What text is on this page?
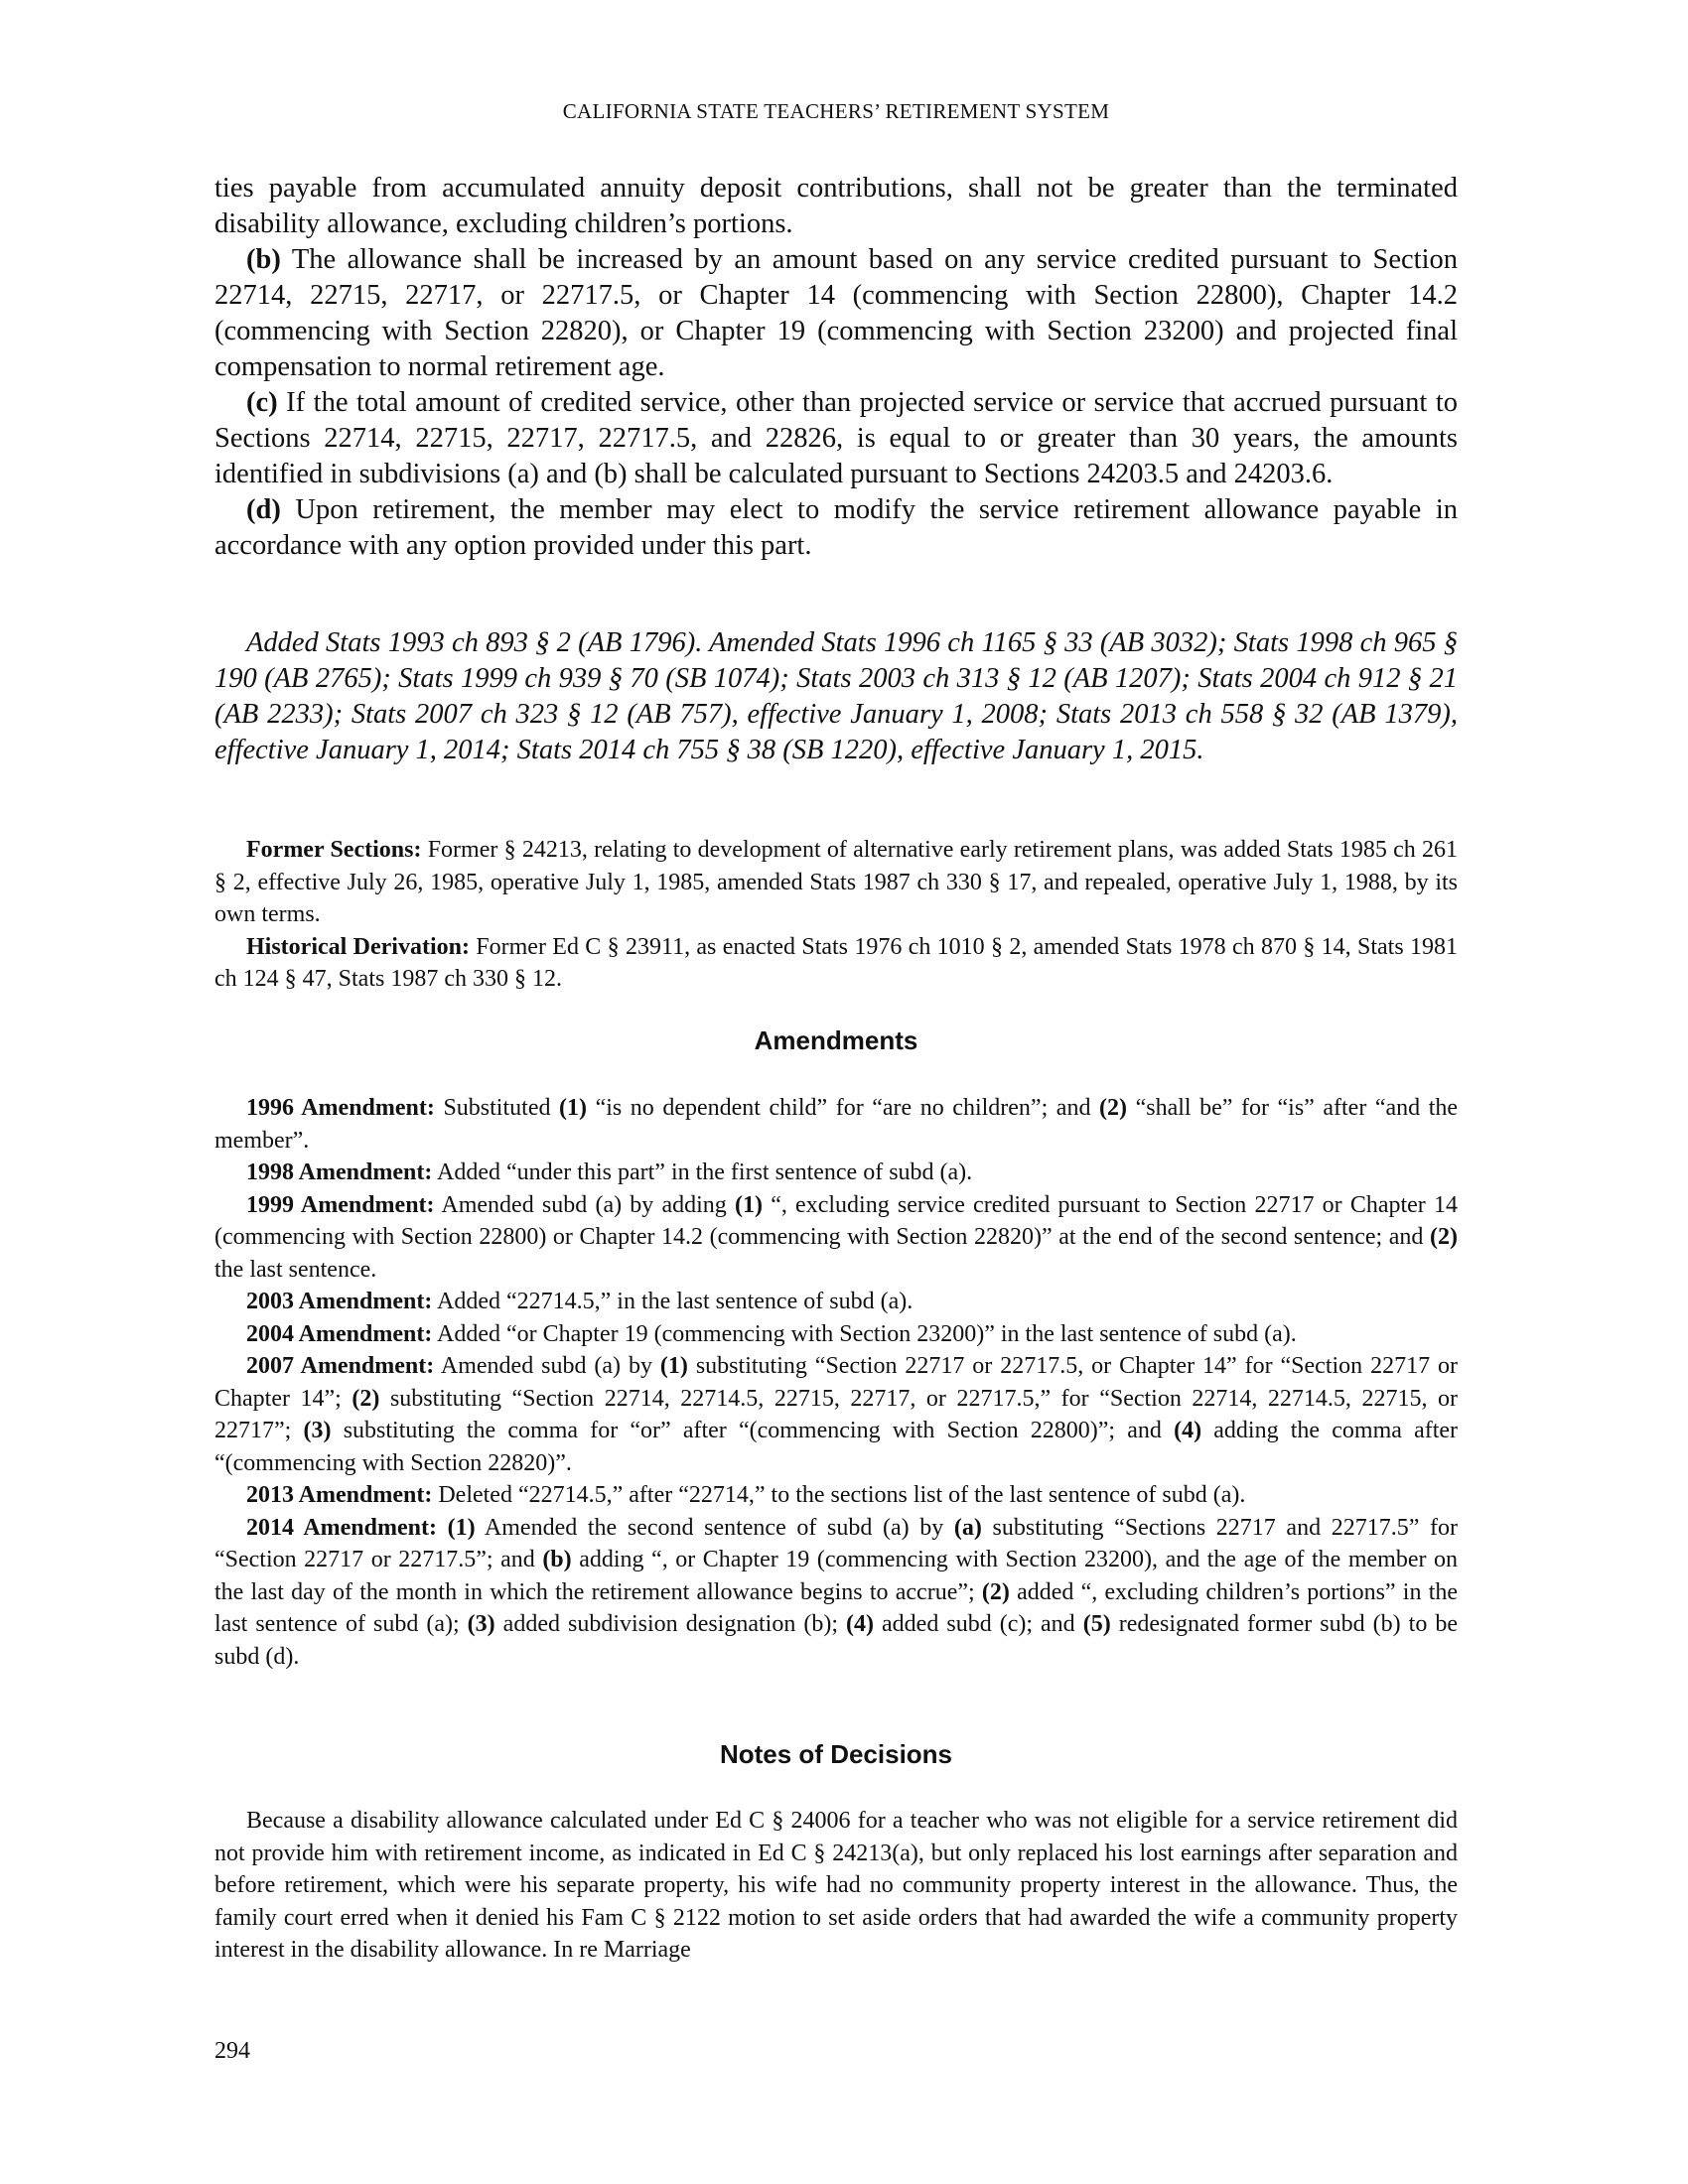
CALIFORNIA STATE TEACHERS’ RETIREMENT SYSTEM

ties payable from accumulated annuity deposit contributions, shall not be greater than the terminated disability allowance, excluding children’s portions.

(b) The allowance shall be increased by an amount based on any service credited pursuant to Section 22714, 22715, 22717, or 22717.5, or Chapter 14 (commencing with Section 22800), Chapter 14.2 (commencing with Section 22820), or Chapter 19 (commencing with Section 23200) and projected final compensation to normal retirement age.

(c) If the total amount of credited service, other than projected service or service that accrued pursuant to Sections 22714, 22715, 22717, 22717.5, and 22826, is equal to or greater than 30 years, the amounts identified in subdivisions (a) and (b) shall be calculated pursuant to Sections 24203.5 and 24203.6.

(d) Upon retirement, the member may elect to modify the service retirement allowance payable in accordance with any option provided under this part.

Added Stats 1993 ch 893 § 2 (AB 1796). Amended Stats 1996 ch 1165 § 33 (AB 3032); Stats 1998 ch 965 § 190 (AB 2765); Stats 1999 ch 939 § 70 (SB 1074); Stats 2003 ch 313 § 12 (AB 1207); Stats 2004 ch 912 § 21 (AB 2233); Stats 2007 ch 323 § 12 (AB 757), effective January 1, 2008; Stats 2013 ch 558 § 32 (AB 1379), effective January 1, 2014; Stats 2014 ch 755 § 38 (SB 1220), effective January 1, 2015.

Former Sections: Former § 24213, relating to development of alternative early retirement plans, was added Stats 1985 ch 261 § 2, effective July 26, 1985, operative July 1, 1985, amended Stats 1987 ch 330 § 17, and repealed, operative July 1, 1988, by its own terms.

Historical Derivation: Former Ed C § 23911, as enacted Stats 1976 ch 1010 § 2, amended Stats 1978 ch 870 § 14, Stats 1981 ch 124 § 47, Stats 1987 ch 330 § 12.

Amendments

1996 Amendment: Substituted (1) “is no dependent child” for “are no children”; and (2) “shall be” for “is” after “and the member”.

1998 Amendment: Added “under this part” in the first sentence of subd (a).

1999 Amendment: Amended subd (a) by adding (1) “, excluding service credited pursuant to Section 22717 or Chapter 14 (commencing with Section 22800) or Chapter 14.2 (commencing with Section 22820)” at the end of the second sentence; and (2) the last sentence.

2003 Amendment: Added “22714.5,” in the last sentence of subd (a).

2004 Amendment: Added “or Chapter 19 (commencing with Section 23200)” in the last sentence of subd (a).

2007 Amendment: Amended subd (a) by (1) substituting “Section 22717 or 22717.5, or Chapter 14” for “Section 22717 or Chapter 14”; (2) substituting “Section 22714, 22714.5, 22715, 22717, or 22717.5,” for “Section 22714, 22714.5, 22715, or 22717”; (3) substituting the comma for “or” after “(commencing with Section 22800)”; and (4) adding the comma after “(commencing with Section 22820)”.

2013 Amendment: Deleted “22714.5,” after “22714,” to the sections list of the last sentence of subd (a).

2014 Amendment: (1) Amended the second sentence of subd (a) by (a) substituting “Sections 22717 and 22717.5” for “Section 22717 or 22717.5”; and (b) adding “, or Chapter 19 (commencing with Section 23200), and the age of the member on the last day of the month in which the retirement allowance begins to accrue”; (2) added “, excluding children’s portions” in the last sentence of subd (a); (3) added subdivision designation (b); (4) added subd (c); and (5) redesignated former subd (b) to be subd (d).

Notes of Decisions

Because a disability allowance calculated under Ed C § 24006 for a teacher who was not eligible for a service retirement did not provide him with retirement income, as indicated in Ed C § 24213(a), but only replaced his lost earnings after separation and before retirement, which were his separate property, his wife had no community property interest in the allowance. Thus, the family court erred when it denied his Fam C § 2122 motion to set aside orders that had awarded the wife a community property interest in the disability allowance. In re Marriage

294
